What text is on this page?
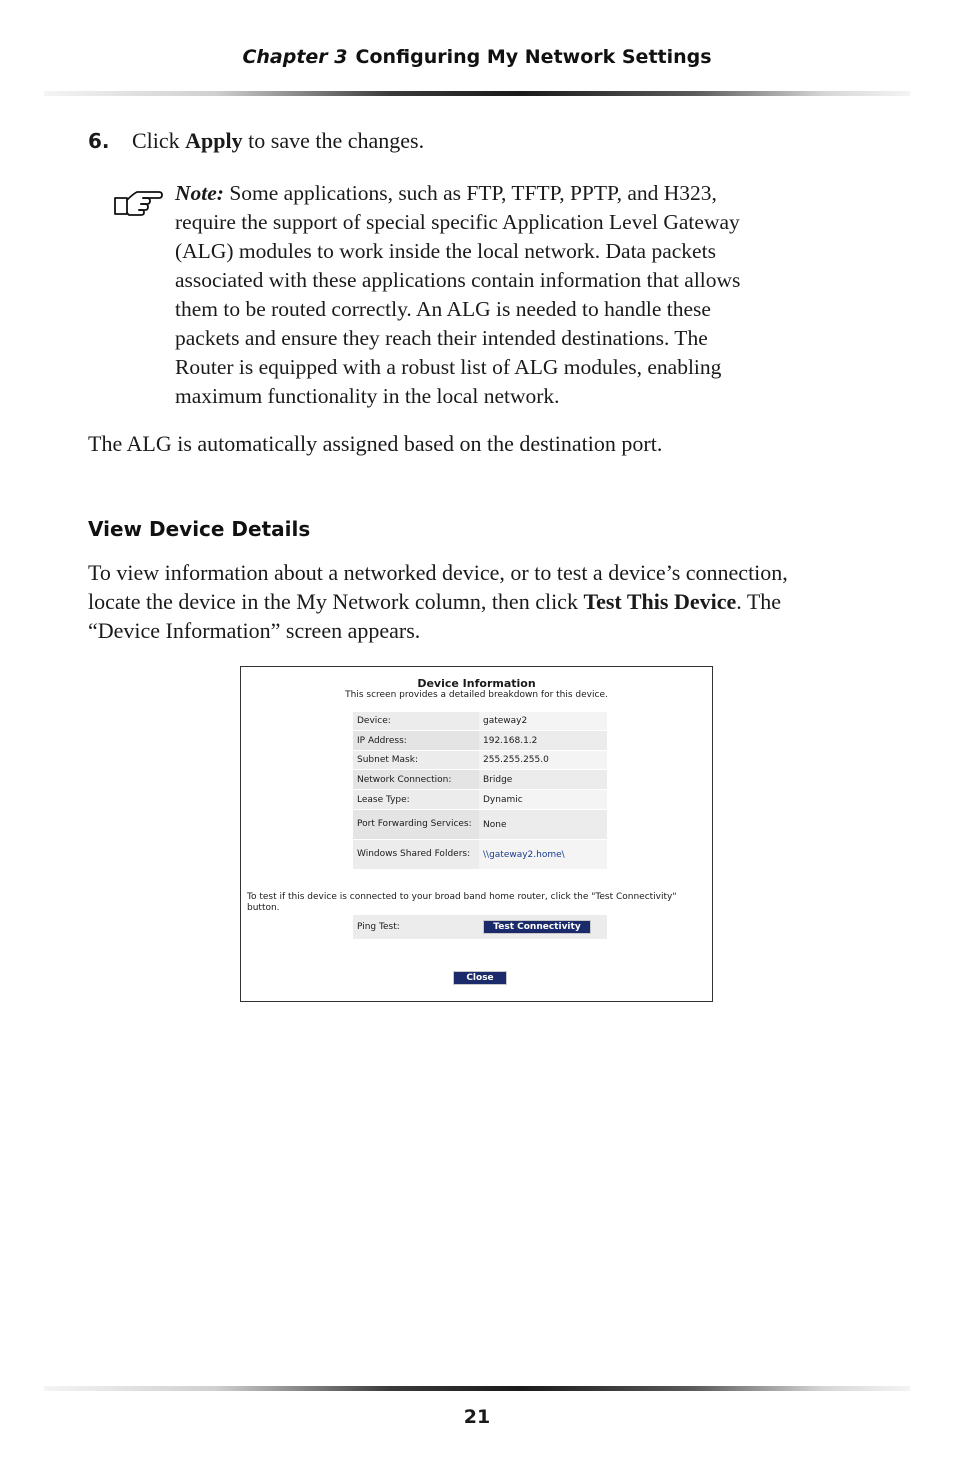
Chapter 3 Configuring My Network Settings
6. Click Apply to save the changes.
Note: Some applications, such as FTP, TFTP, PPTP, and H323,
require the support of special specific Application Level Gateway
(ALG) modules to work inside the local network. Data packets
associated with these applications contain information that allows
them to be routed correctly. An ALG is needed to handle these
packets and ensure they reach their intended destinations. The
Router is equipped with a robust list of ALG modules, enabling
maximum functionality in the local network.
The ALG is automatically assigned based on the destination port.
View Device Details
To view information about a networked device, or to test a device’s connection,
locate the device in the My Network column, then click Test This Device. The
“Device Information” screen appears.
Device Information
This screen provides a detailed breakdown for this device.
Device:	gateway2
IP Address:	192.168.1.2
Subnet Mask:	255.255.255.0
Network Connection:	Bridge
Lease Type:	Dynamic
Port Forwarding Services:	None
Windows Shared Folders:	\\gateway2.home\
To test if this device is connected to your broad band home router, click the "Test Connectivity" button.
Ping Test:	Test Connectivity
Close
21
